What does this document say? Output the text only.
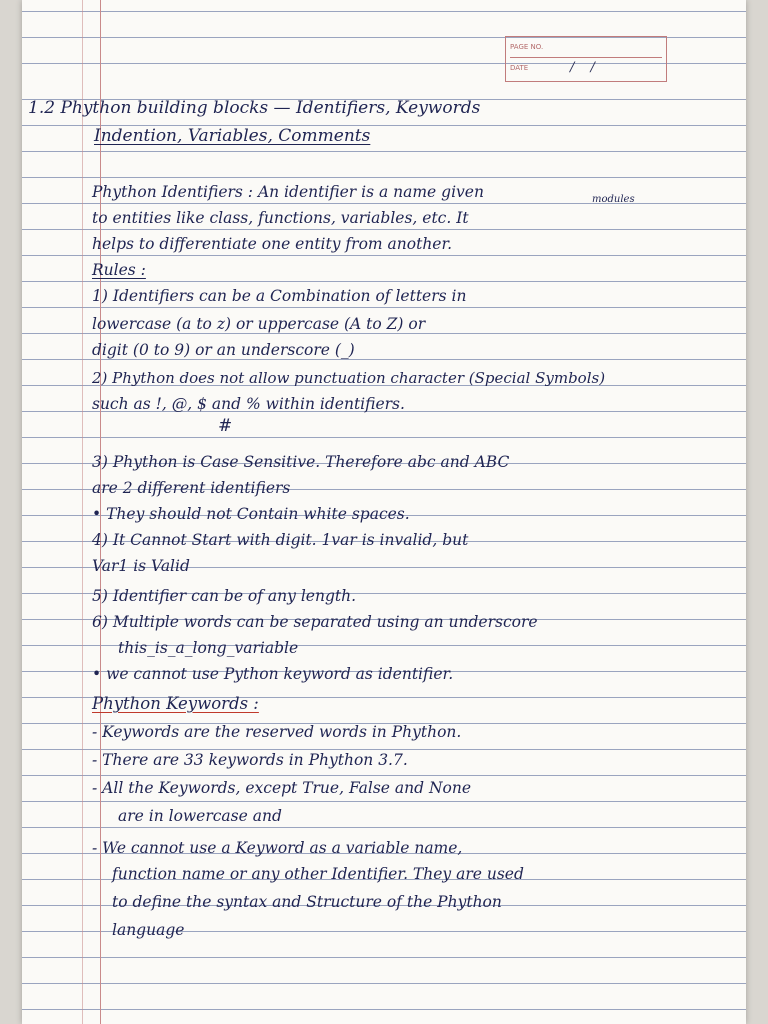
PAGE NO.
DATE	/ /
1.2 Phython building blocks — Identifiers, Keywords
Indention, Variables, Comments
Phython Identifiers : An identifier is a name given	modules
to entities like class, functions, variables, etc. It
helps to differentiate one entity from another.
Rules :
1) Identifiers can be a Combination of letters in
lowercase (a to z) or uppercase (A to Z) or
digit (0 to 9) or an underscore (_)
2) Phython does not allow punctuation character (Special Symbols)
such as !, @, $ and % within identifiers.
#
3) Phython is Case Sensitive. Therefore abc and ABC
are 2 different identifiers
• They should not Contain white spaces.
4) It Cannot Start with digit. 1var is invalid, but
Var1 is Valid
5) Identifier can be of any length.
6) Multiple words can be separated using an underscore
this_is_a_long_variable
• we cannot use Python keyword as identifier.
Phython Keywords :
- Keywords are the reserved words in Phython.
- There are 33 keywords in Phython 3.7.
- All the Keywords, except True, False and None
are in lowercase and
- We cannot use a Keyword as a variable name,
function name or any other Identifier. They are used
to define the syntax and Structure of the Phython
language
